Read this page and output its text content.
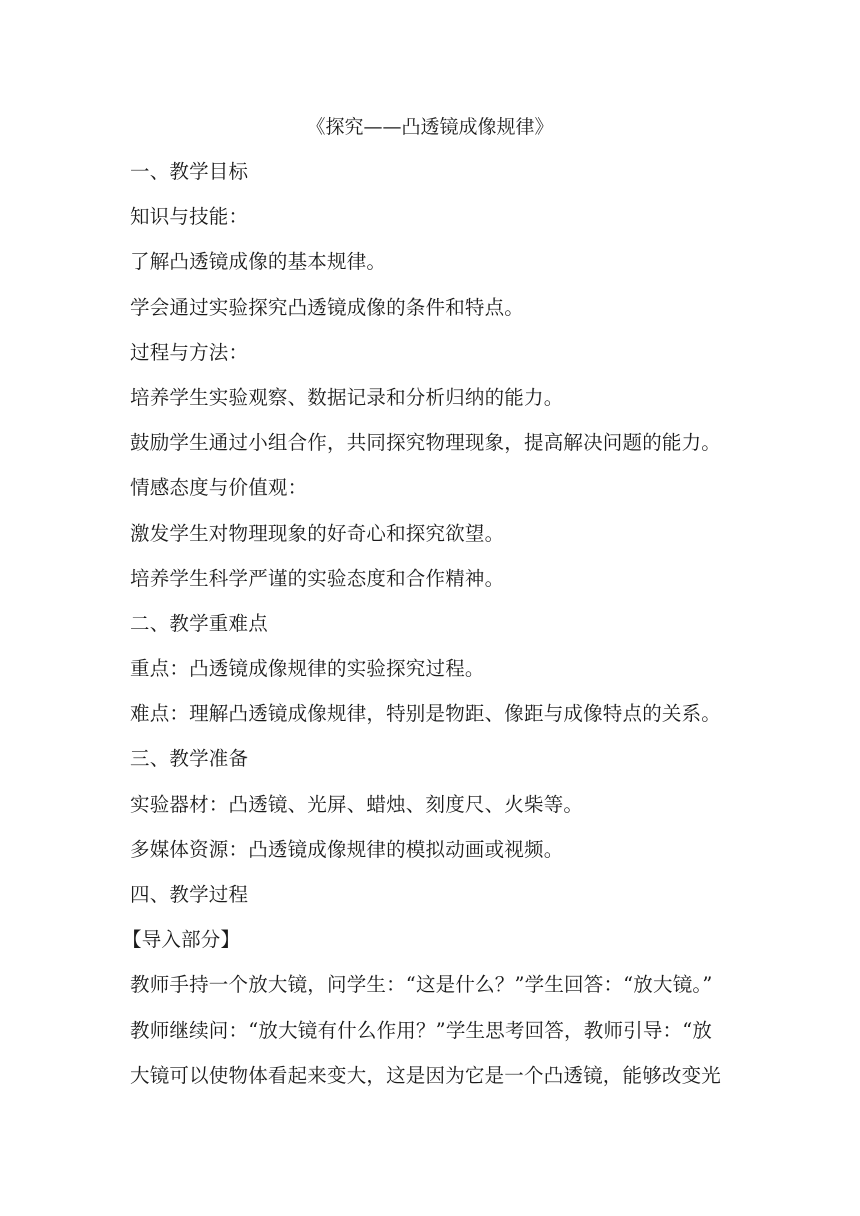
《探究——凸透镜成像规律》
一、教学目标
知识与技能：
了解凸透镜成像的基本规律。
学会通过实验探究凸透镜成像的条件和特点。
过程与方法：
培养学生实验观察、数据记录和分析归纳的能力。
鼓励学生通过小组合作，共同探究物理现象，提高解决问题的能力。
情感态度与价值观：
激发学生对物理现象的好奇心和探究欲望。
培养学生科学严谨的实验态度和合作精神。
二、教学重难点
重点：凸透镜成像规律的实验探究过程。
难点：理解凸透镜成像规律，特别是物距、像距与成像特点的关系。
三、教学准备
实验器材：凸透镜、光屏、蜡烛、刻度尺、火柴等。
多媒体资源：凸透镜成像规律的模拟动画或视频。
四、教学过程
【导入部分】
教师手持一个放大镜，问学生：“这是什么？”学生回答：“放大镜。”
教师继续问：“放大镜有什么作用？”学生思考回答，教师引导：“放
大镜可以使物体看起来变大，这是因为它是一个凸透镜，能够改变光
